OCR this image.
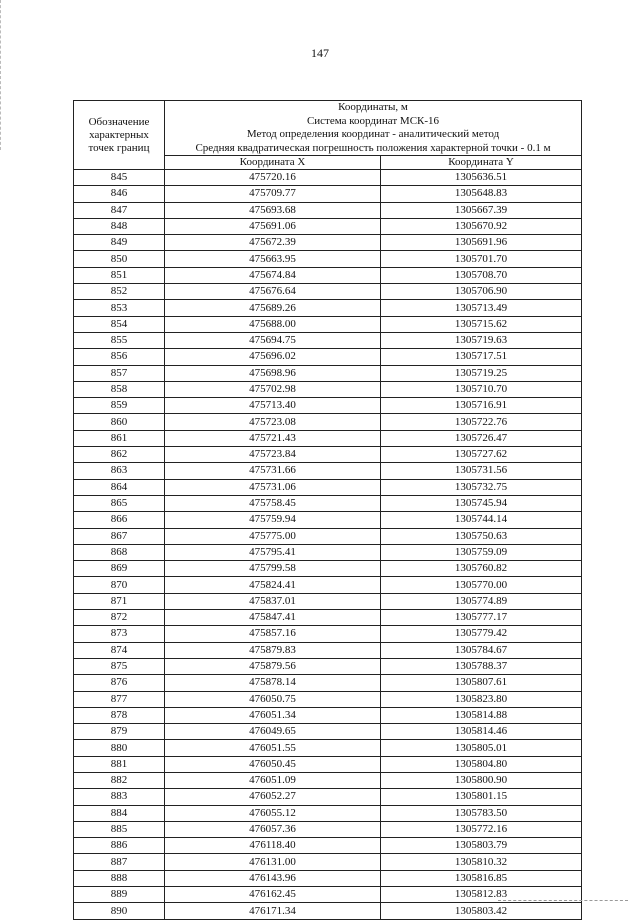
147
Обозначение
характерных
точек границ	Координаты, м
Система координат МСК-16
Метод определения координат - аналитический метод
Средняя квадратическая погрешность положения характерной точки - 0.1 м	

	Координата X	Координата Y
845	475720.16	1305636.51
846	475709.77	1305648.83
847	475693.68	1305667.39
848	475691.06	1305670.92
849	475672.39	1305691.96
850	475663.95	1305701.70
851	475674.84	1305708.70
852	475676.64	1305706.90
853	475689.26	1305713.49
854	475688.00	1305715.62
855	475694.75	1305719.63
856	475696.02	1305717.51
857	475698.96	1305719.25
858	475702.98	1305710.70
859	475713.40	1305716.91
860	475723.08	1305722.76
861	475721.43	1305726.47
862	475723.84	1305727.62
863	475731.66	1305731.56
864	475731.06	1305732.75
865	475758.45	1305745.94
866	475759.94	1305744.14
867	475775.00	1305750.63
868	475795.41	1305759.09
869	475799.58	1305760.82
870	475824.41	1305770.00
871	475837.01	1305774.89
872	475847.41	1305777.17
873	475857.16	1305779.42
874	475879.83	1305784.67
875	475879.56	1305788.37
876	475878.14	1305807.61
877	476050.75	1305823.80
878	476051.34	1305814.88
879	476049.65	1305814.46
880	476051.55	1305805.01
881	476050.45	1305804.80
882	476051.09	1305800.90
883	476052.27	1305801.15
884	476055.12	1305783.50
885	476057.36	1305772.16
886	476118.40	1305803.79
887	476131.00	1305810.32
888	476143.96	1305816.85
889	476162.45	1305812.83
890	476171.34	1305803.42
